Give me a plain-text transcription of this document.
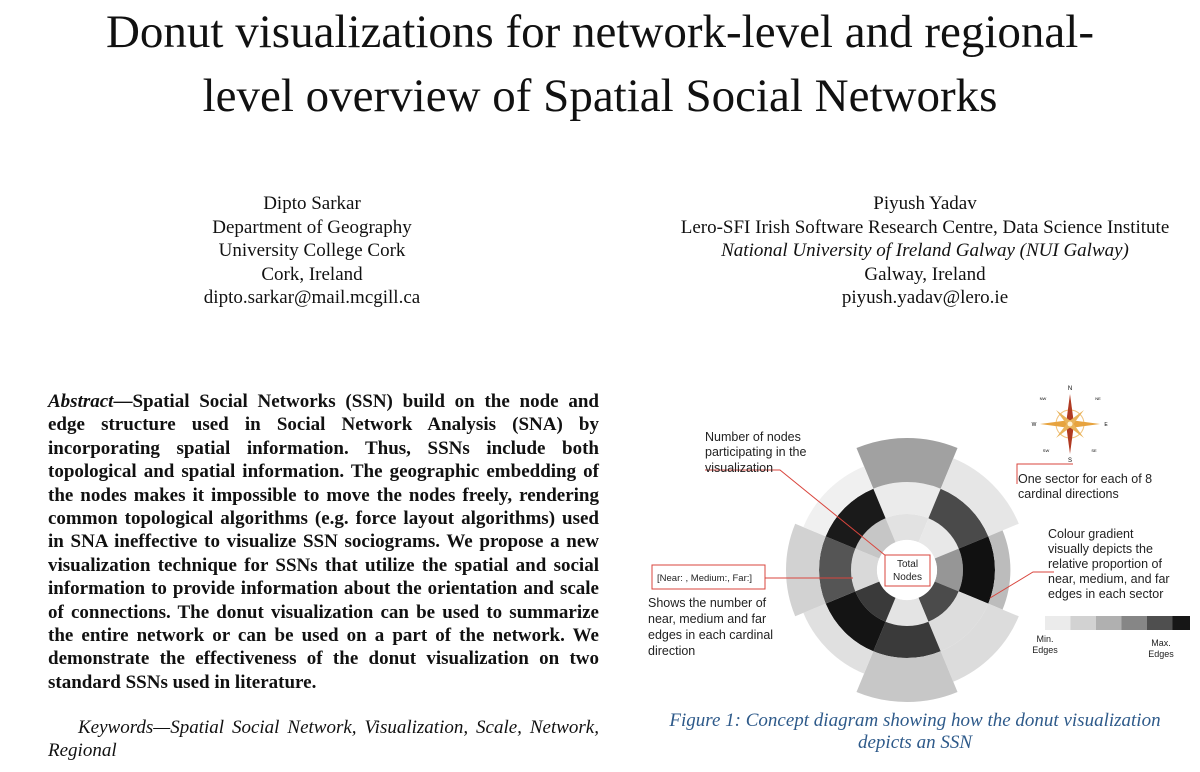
Donut visualizations for network-level and regional-
level overview of Spatial Social Networks
Dipto Sarkar
Department of Geography
University College Cork
Cork, Ireland
dipto.sarkar@mail.mcgill.ca
Piyush Yadav
Lero-SFI Irish Software Research Centre, Data Science Institute
National University of Ireland Galway (NUI Galway)
Galway, Ireland
piyush.yadav@lero.ie

Abstract—Spatial Social Networks (SSN) build on the node and edge structure used in Social Network Analysis (SNA) by incorporating spatial information. Thus, SSNs include both topological and spatial information. The geographic embedding of the nodes makes it impossible to move the nodes freely, rendering common topological algorithms (e.g. force layout algorithms) used in SNA ineffective to visualize SSN sociograms. We propose a new visualization technique for SSNs that utilize the spatial and social information to provide information about the orientation and scale of connections. The donut visualization can be used to summarize the entire network or can be used on a part of the network. We demonstrate the effectiveness of the donut visualization on two standard SSNs used in literature.

Keywords—Spatial Social Network, Visualization, Scale, Network, Regional

N
NE
E
SE
S
SW
W
NW
Number of nodes
participating in the
visualization
One sector for each of 8
cardinal directions
Colour gradient
visually depicts the
relative proportion of
near, medium, and far
edges in each sector
[Near: , Medium:, Far:]
Shows the number of
near, medium and far
edges in each cardinal
direction
Total
Nodes
Min.
Edges
Max.
Edges
Figure 1: Concept diagram showing how the donut visualization
depicts an SSN
